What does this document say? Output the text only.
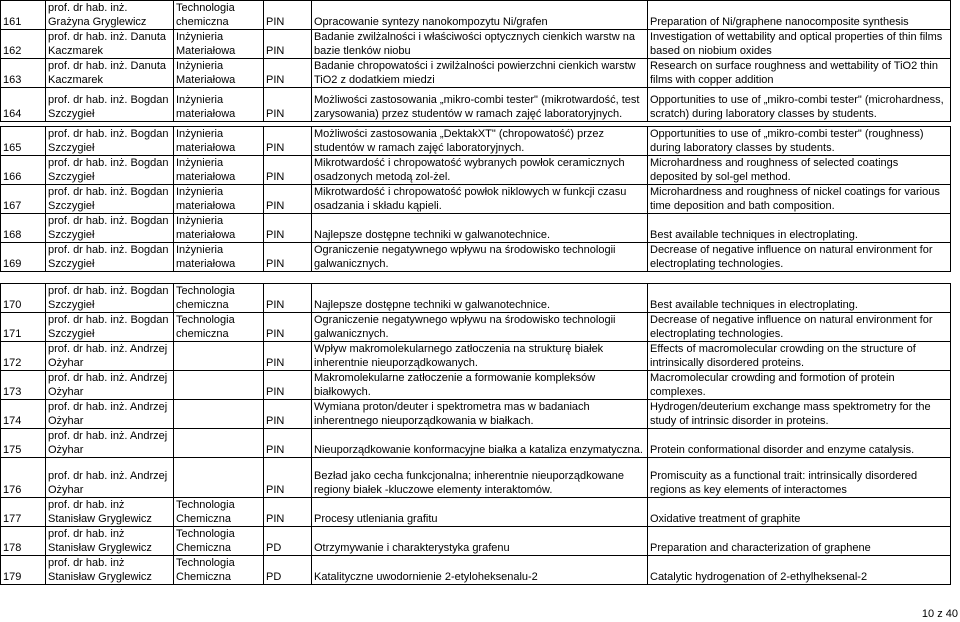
161	prof. dr hab. inż. Grażyna Gryglewicz	Technologia chemiczna	PIN	Opracowanie syntezy nanokompozytu Ni/grafen	Preparation of Ni/graphene nanocomposite synthesis
162	prof. dr hab. inż. Danuta Kaczmarek	Inżynieria Materiałowa	PIN	Badanie zwilżalności i właściwości optycznych cienkich warstw na bazie tlenków niobu	Investigation of wettability and optical properties of thin films based on niobium oxides
163	prof. dr hab. inż. Danuta Kaczmarek	Inżynieria Materiałowa	PIN	Badanie chropowatości i zwilżalności powierzchni cienkich warstw TiO2 z dodatkiem miedzi	Research on surface roughness and wettability of TiO2 thin films with copper addition
164	prof. dr hab. inż. Bogdan Szczygieł	Inżynieria materiałowa	PIN	Możliwości zastosowania „mikro-combi tester" (mikrotwardość, test zarysowania) przez studentów w ramach zajęć laboratoryjnych.	Opportunities to use of „mikro-combi tester" (microhardness, scratch) during laboratory classes by students.
165	prof. dr hab. inż. Bogdan Szczygieł	Inżynieria materiałowa	PIN	Możliwości zastosowania „DektakXT" (chropowatość) przez studentów w ramach zajęć laboratoryjnych.	Opportunities to use of „mikro-combi tester" (roughness) during laboratory classes by students.
166	prof. dr hab. inż. Bogdan Szczygieł	Inżynieria materiałowa	PIN	Mikrotwardość i chropowatość wybranych powłok ceramicznych osadzonych metodą zol-żel.	Microhardness and roughness of selected coatings deposited by sol-gel method.
167	prof. dr hab. inż. Bogdan Szczygieł	Inżynieria materiałowa	PIN	Mikrotwardość i chropowatość powłok niklowych w funkcji czasu osadzania i składu kąpieli.	Microhardness and roughness of nickel coatings for various time deposition and bath composition.
168	prof. dr hab. inż. Bogdan Szczygieł	Inżynieria materiałowa	PIN	Najlepsze dostępne techniki w galwanotechnice.	Best available techniques in electroplating.
169	prof. dr hab. inż. Bogdan Szczygieł	Inżynieria materiałowa	PIN	Ograniczenie negatywnego wpływu na środowisko technologii galwanicznych.	Decrease of negative influence on natural environment for electroplating technologies.
170	prof. dr hab. inż. Bogdan Szczygieł	Technologia chemiczna	PIN	Najlepsze dostępne techniki w galwanotechnice.	Best available techniques in electroplating.
171	prof. dr hab. inż. Bogdan Szczygieł	Technologia chemiczna	PIN	Ograniczenie negatywnego wpływu na środowisko technologii galwanicznych.	Decrease of negative influence on natural environment for electroplating technologies.
172	prof. dr hab. inż. Andrzej Ożyhar		PIN	Wpływ makromolekularnego zatłoczenia na strukturę białek inherentnie nieuporządkowanych.	Effects of macromolecular crowding on the structure of intrinsically disordered proteins.
173	prof. dr hab. inż. Andrzej Ożyhar		PIN	Makromolekularne zatłoczenie a formowanie kompleksów białkowych.	Macromolecular crowding and formotion of protein complexes.
174	prof. dr hab. inż. Andrzej Ożyhar		PIN	Wymiana proton/deuter i spektrometra mas w badaniach inherentnego nieuporządkowania w białkach.	Hydrogen/deuterium exchange mass spektrometry for the study of intrinsic disorder in proteins.
175	prof. dr hab. inż. Andrzej Ożyhar		PIN	Nieuporządkowanie konformacyjne białka a kataliza enzymatyczna.	Protein conformational disorder and enzyme catalysis.
176	prof. dr hab. inż. Andrzej Ożyhar		PIN	Bezład jako cecha funkcjonalna; inherentnie nieuporządkowane regiony białek -kluczowe elementy interaktomów.	Promiscuity as a functional trait: intrinsically disordered regions as key elements of interactomes
177	prof. dr hab. inż Stanisław Gryglewicz	Technologia Chemiczna	PIN	Procesy utleniania grafitu	Oxidative treatment of graphite
178	prof. dr hab. inż Stanisław Gryglewicz	Technologia Chemiczna	PD	Otrzymywanie i charakterystyka grafenu	Preparation and characterization of graphene
179	prof. dr hab. inż Stanisław Gryglewicz	Technologia Chemiczna	PD	Katalityczne uwodornienie 2-etyloheksenalu-2	Catalytic hydrogenation of 2-ethylheksenal-2
10 z 40
